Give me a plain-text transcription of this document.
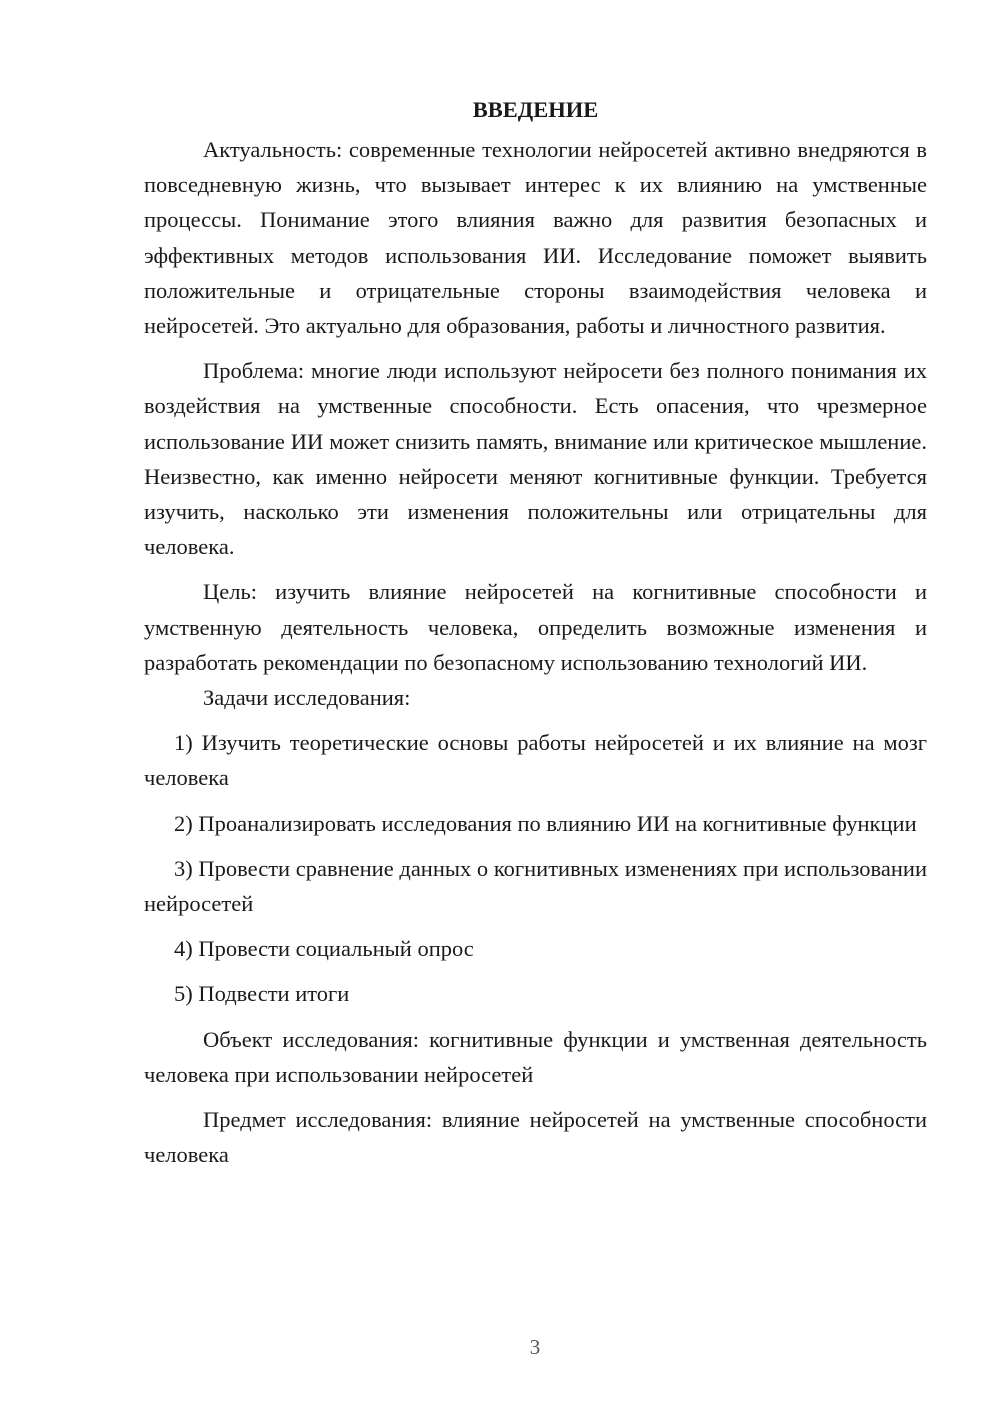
ВВЕДЕНИЕ

Актуальность: современные технологии нейросетей активно внедряются в повседневную жизнь, что вызывает интерес к их влиянию на умственные процессы. Понимание этого влияния важно для развития безопасных и эффективных методов использования ИИ. Исследование поможет выявить положительные и отрицательные стороны взаимодействия человека и нейросетей. Это актуально для образования, работы и личностного развития.

Проблема: многие люди используют нейросети без полного понимания их воздействия на умственные способности. Есть опасения, что чрезмерное использование ИИ может снизить память, внимание или критическое мышление. Неизвестно, как именно нейросети меняют когнитивные функции. Требуется изучить, насколько эти изменения положительны или отрицательны для человека.

Цель: изучить влияние нейросетей на когнитивные способности и умственную деятельность человека, определить возможные изменения и разработать рекомендации по безопасному использованию технологий ИИ.

Задачи исследования:

1) Изучить теоретические основы работы нейросетей и их влияние на мозг человека

2) Проанализировать исследования по влиянию ИИ на когнитивные функции

3) Провести сравнение данных о когнитивных изменениях при использовании нейросетей

4) Провести социальный опрос

5) Подвести итоги

Объект исследования: когнитивные функции и умственная деятельность человека при использовании нейросетей

Предмет исследования: влияние нейросетей на умственные способности человека

3
